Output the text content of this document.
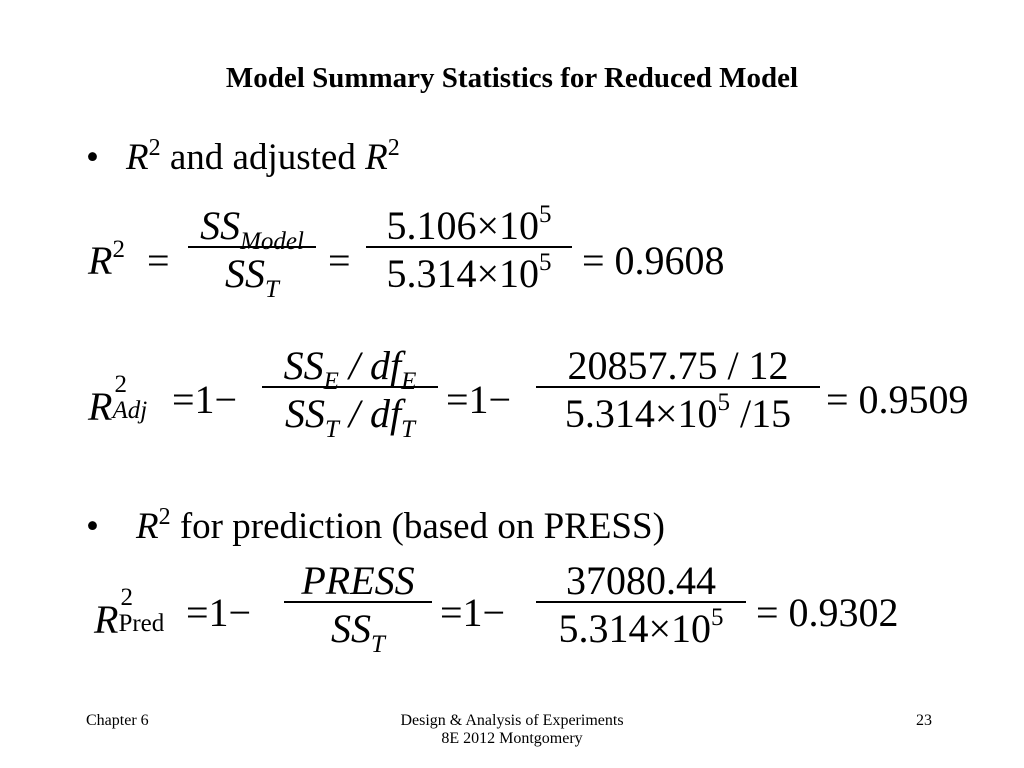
Model Summary Statistics for Reduced Model
• $R^2$ and adjusted $R^2$
$R^2$ =
$SS_{Model}$
$SS_T$
=
$5.106\times 10^5$
$5.314\times 10^5 = 0.9608$
R 2
Adj =1−
$SS_E / df_E$
$SS_T / df_T$
=1−
20857.75 / 12
$5.314\times 10^5$ /15 = 0.9509
• $R^2$ for prediction (based on PRESS)
R 2
Pred =1−
PRESS
$SS_T$
=1−
37080.44
$5.314\times 10^5 = 0.9302$
Chapter 6	Design & Analysis of Experiments
8E 2012 Montgomery
23
